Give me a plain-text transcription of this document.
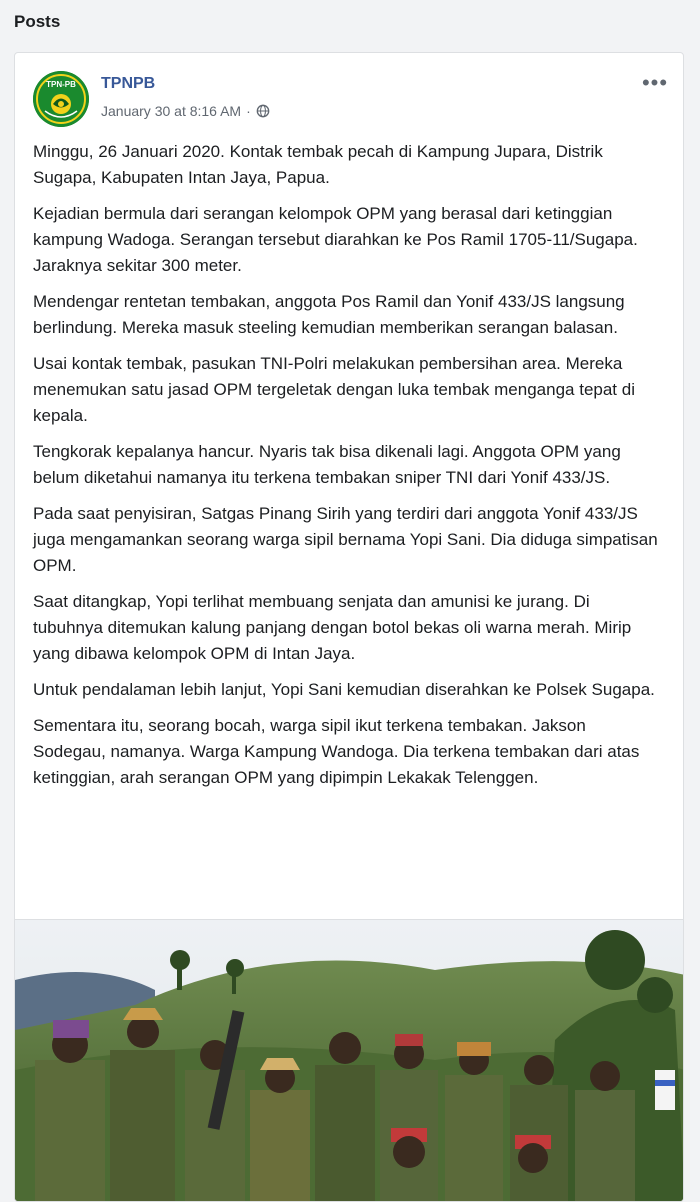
Posts
TPN-PB TPNPB
January 30 at 8:16 AM ·
•••

Minggu, 26 Januari 2020. Kontak tembak pecah di Kampung Jupara, Distrik Sugapa, Kabupaten Intan Jaya, Papua.

Kejadian bermula dari serangan kelompok OPM yang berasal dari ketinggian kampung Wadoga. Serangan tersebut diarahkan ke Pos Ramil 1705-11/Sugapa. Jaraknya sekitar 300 meter.

Mendengar rentetan tembakan, anggota Pos Ramil dan Yonif 433/JS langsung berlindung. Mereka masuk steeling kemudian memberikan serangan balasan.

Usai kontak tembak, pasukan TNI-Polri melakukan pembersihan area. Mereka menemukan satu jasad OPM tergeletak dengan luka tembak menganga tepat di kepala.

Tengkorak kepalanya hancur. Nyaris tak bisa dikenali lagi. Anggota OPM yang belum diketahui namanya itu terkena tembakan sniper TNI dari Yonif 433/JS.

Pada saat penyisiran, Satgas Pinang Sirih yang terdiri dari anggota Yonif 433/JS juga mengamankan seorang warga sipil bernama Yopi Sani. Dia diduga simpatisan OPM.

Saat ditangkap, Yopi terlihat membuang senjata dan amunisi ke jurang. Di tubuhnya ditemukan kalung panjang dengan botol bekas oli warna merah. Mirip yang dibawa kelompok OPM di Intan Jaya.

Untuk pendalaman lebih lanjut, Yopi Sani kemudian diserahkan ke Polsek Sugapa.

Sementara itu, seorang bocah, warga sipil ikut terkena tembakan. Jakson Sodegau, namanya. Warga Kampung Wandoga. Dia terkena tembakan dari atas ketinggian, arah serangan OPM yang dipimpin Lekakak Telenggen.
